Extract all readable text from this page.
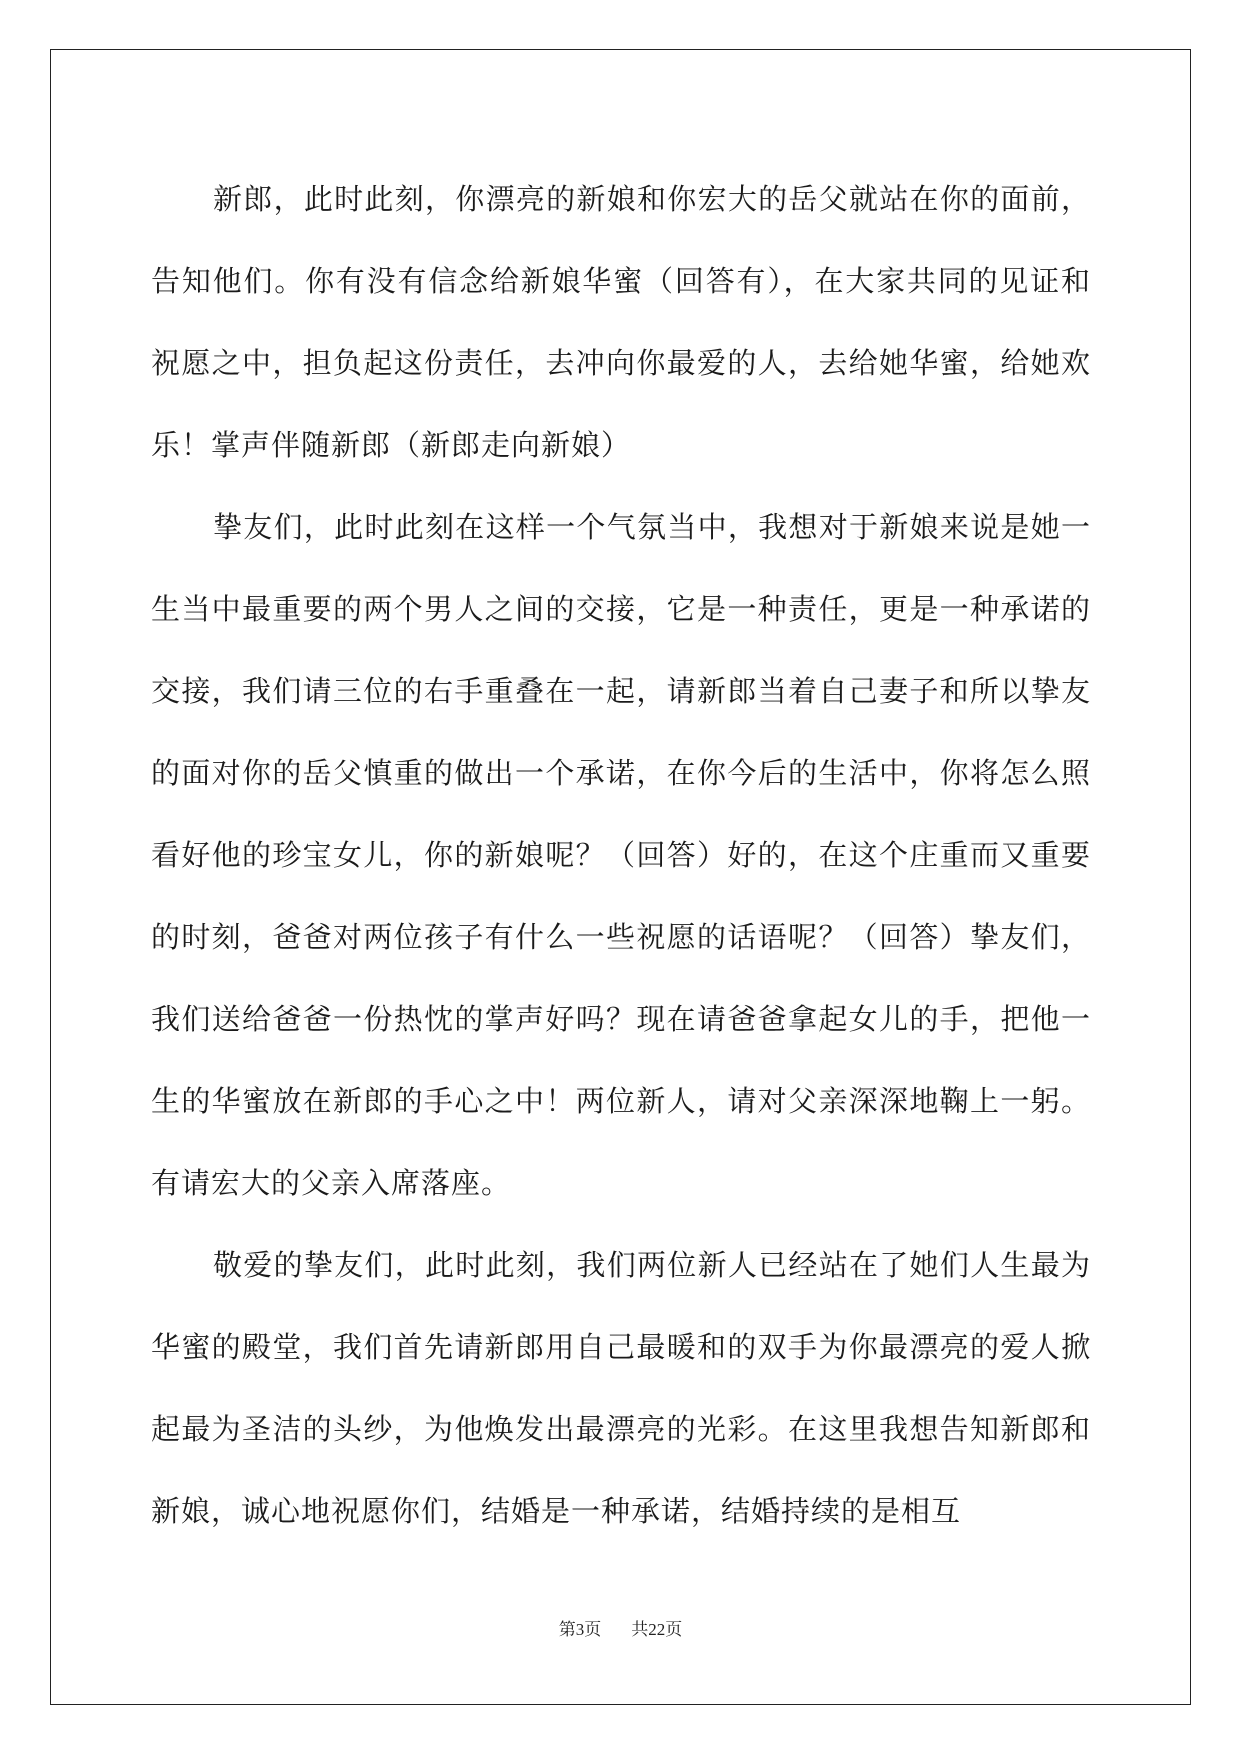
新郎，此时此刻，你漂亮的新娘和你宏大的岳父就站在你的面前，告知他们。你有没有信念给新娘华蜜（回答有），在大家共同的见证和祝愿之中，担负起这份责任，去冲向你最爱的人，去给她华蜜，给她欢乐！掌声伴随新郎（新郎走向新娘）

挚友们，此时此刻在这样一个气氛当中，我想对于新娘来说是她一生当中最重要的两个男人之间的交接，它是一种责任，更是一种承诺的交接，我们请三位的右手重叠在一起，请新郎当着自己妻子和所以挚友的面对你的岳父慎重的做出一个承诺，在你今后的生活中，你将怎么照看好他的珍宝女儿，你的新娘呢？（回答）好的，在这个庄重而又重要的时刻，爸爸对两位孩子有什么一些祝愿的话语呢？（回答）挚友们，我们送给爸爸一份热忱的掌声好吗？现在请爸爸拿起女儿的手，把他一生的华蜜放在新郎的手心之中！两位新人，请对父亲深深地鞠上一躬。有请宏大的父亲入席落座。

敬爱的挚友们，此时此刻，我们两位新人已经站在了她们人生最为华蜜的殿堂，我们首先请新郎用自己最暖和的双手为你最漂亮的爱人掀起最为圣洁的头纱，为他焕发出最漂亮的光彩。在这里我想告知新郎和新娘，诚心地祝愿你们，结婚是一种承诺，结婚持续的是相互

第3页 共22页
